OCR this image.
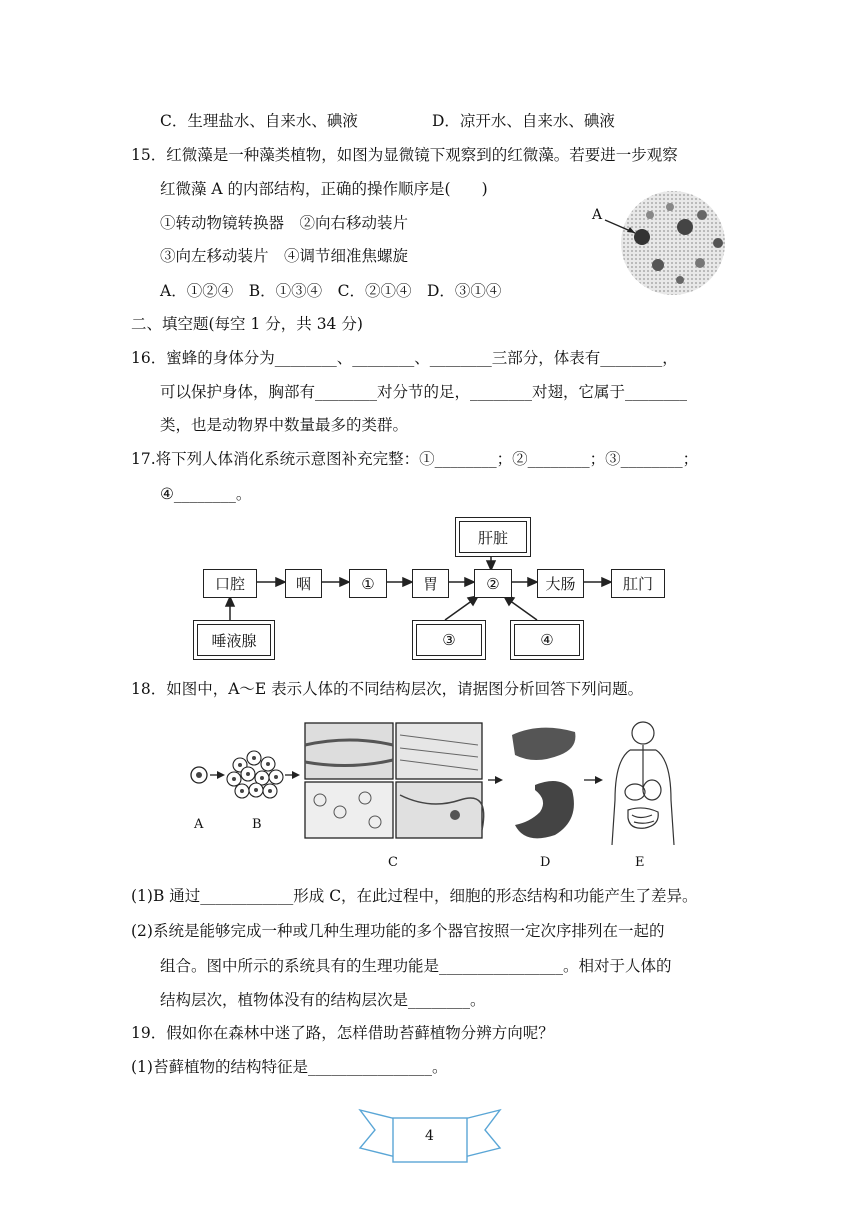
C．生理盐水、自来水、碘液	D．凉开水、自来水、碘液
15．红微藻是一种藻类植物，如图为显微镜下观察到的红微藻。若要进一步观察
红微藻 A 的内部结构，正确的操作顺序是(　　)
①转动物镜转换器　②向右移动装片
③向左移动装片　④调节细准焦螺旋
A．①②④　B．①③④　C．②①④　D．③①④
A
二、填空题(每空 1 分，共 34 分)
16．蜜蜂的身体分为________、________、________三部分，体表有________，
可以保护身体，胸部有________对分节的足，________对翅，它属于________
类，也是动物界中数量最多的类群。
17.将下列人体消化系统示意图补充完整：①________；②________；③________；
④________。
口腔	咽	①	胃	②	大肠	肛门
肝脏
唾液腺	③	④
18．如图中，A～E 表示人体的不同结构层次，请据图分析回答下列问题。
A	B
C	D	E
(1)B 通过____________形成 C，在此过程中，细胞的形态结构和功能产生了差异。
(2)系统是能够完成一种或几种生理功能的多个器官按照一定次序排列在一起的
组合。图中所示的系统具有的生理功能是________________。相对于人体的
结构层次，植物体没有的结构层次是________。
19．假如你在森林中迷了路，怎样借助苔藓植物分辨方向呢？
(1)苔藓植物的结构特征是________________。
4
